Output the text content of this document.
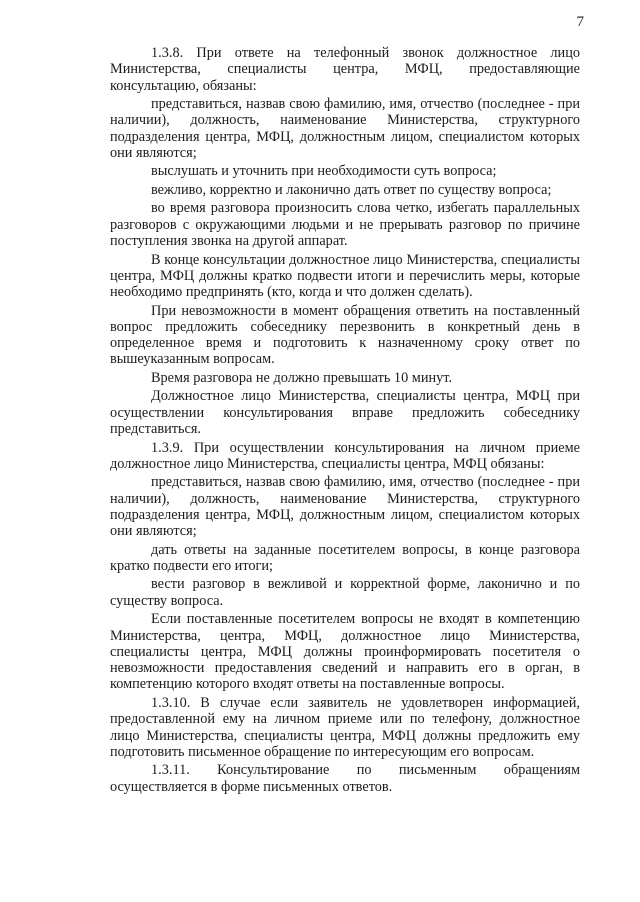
7

1.3.8. При ответе на телефонный звонок должностное лицо Министерства, специалисты центра, МФЦ, предоставляющие консультацию, обязаны:

представиться, назвав свою фамилию, имя, отчество (последнее - при наличии), должность, наименование Министерства, структурного подразделения центра, МФЦ, должностным лицом, специалистом которых они являются;

выслушать и уточнить при необходимости суть вопроса;

вежливо, корректно и лаконично дать ответ по существу вопроса;

во время разговора произносить слова четко, избегать параллельных разговоров с окружающими людьми и не прерывать разговор по причине поступления звонка на другой аппарат.

В конце консультации должностное лицо Министерства, специалисты центра, МФЦ должны кратко подвести итоги и перечислить меры, которые необходимо предпринять (кто, когда и что должен сделать).

При невозможности в момент обращения ответить на поставленный вопрос предложить собеседнику перезвонить в конкретный день в определенное время и подготовить к назначенному сроку ответ по вышеуказанным вопросам.

Время разговора не должно превышать 10 минут.

Должностное лицо Министерства, специалисты центра, МФЦ при осуществлении консультирования вправе предложить собеседнику представиться.

1.3.9. При осуществлении консультирования на личном приеме должностное лицо Министерства, специалисты центра, МФЦ обязаны:

представиться, назвав свою фамилию, имя, отчество (последнее - при наличии), должность, наименование Министерства, структурного подразделения центра, МФЦ, должностным лицом, специалистом которых они являются;

дать ответы на заданные посетителем вопросы, в конце разговора кратко подвести его итоги;

вести разговор в вежливой и корректной форме, лаконично и по существу вопроса.

Если поставленные посетителем вопросы не входят в компетенцию Министерства, центра, МФЦ, должностное лицо Министерства, специалисты центра, МФЦ должны проинформировать посетителя о невозможности предоставления сведений и направить его в орган, в компетенцию которого входят ответы на поставленные вопросы.

1.3.10. В случае если заявитель не удовлетворен информацией, предоставленной ему на личном приеме или по телефону, должностное лицо Министерства, специалисты центра, МФЦ должны предложить ему подготовить письменное обращение по интересующим его вопросам.

1.3.11. Консультирование по письменным обращениям осуществляется в форме письменных ответов.
